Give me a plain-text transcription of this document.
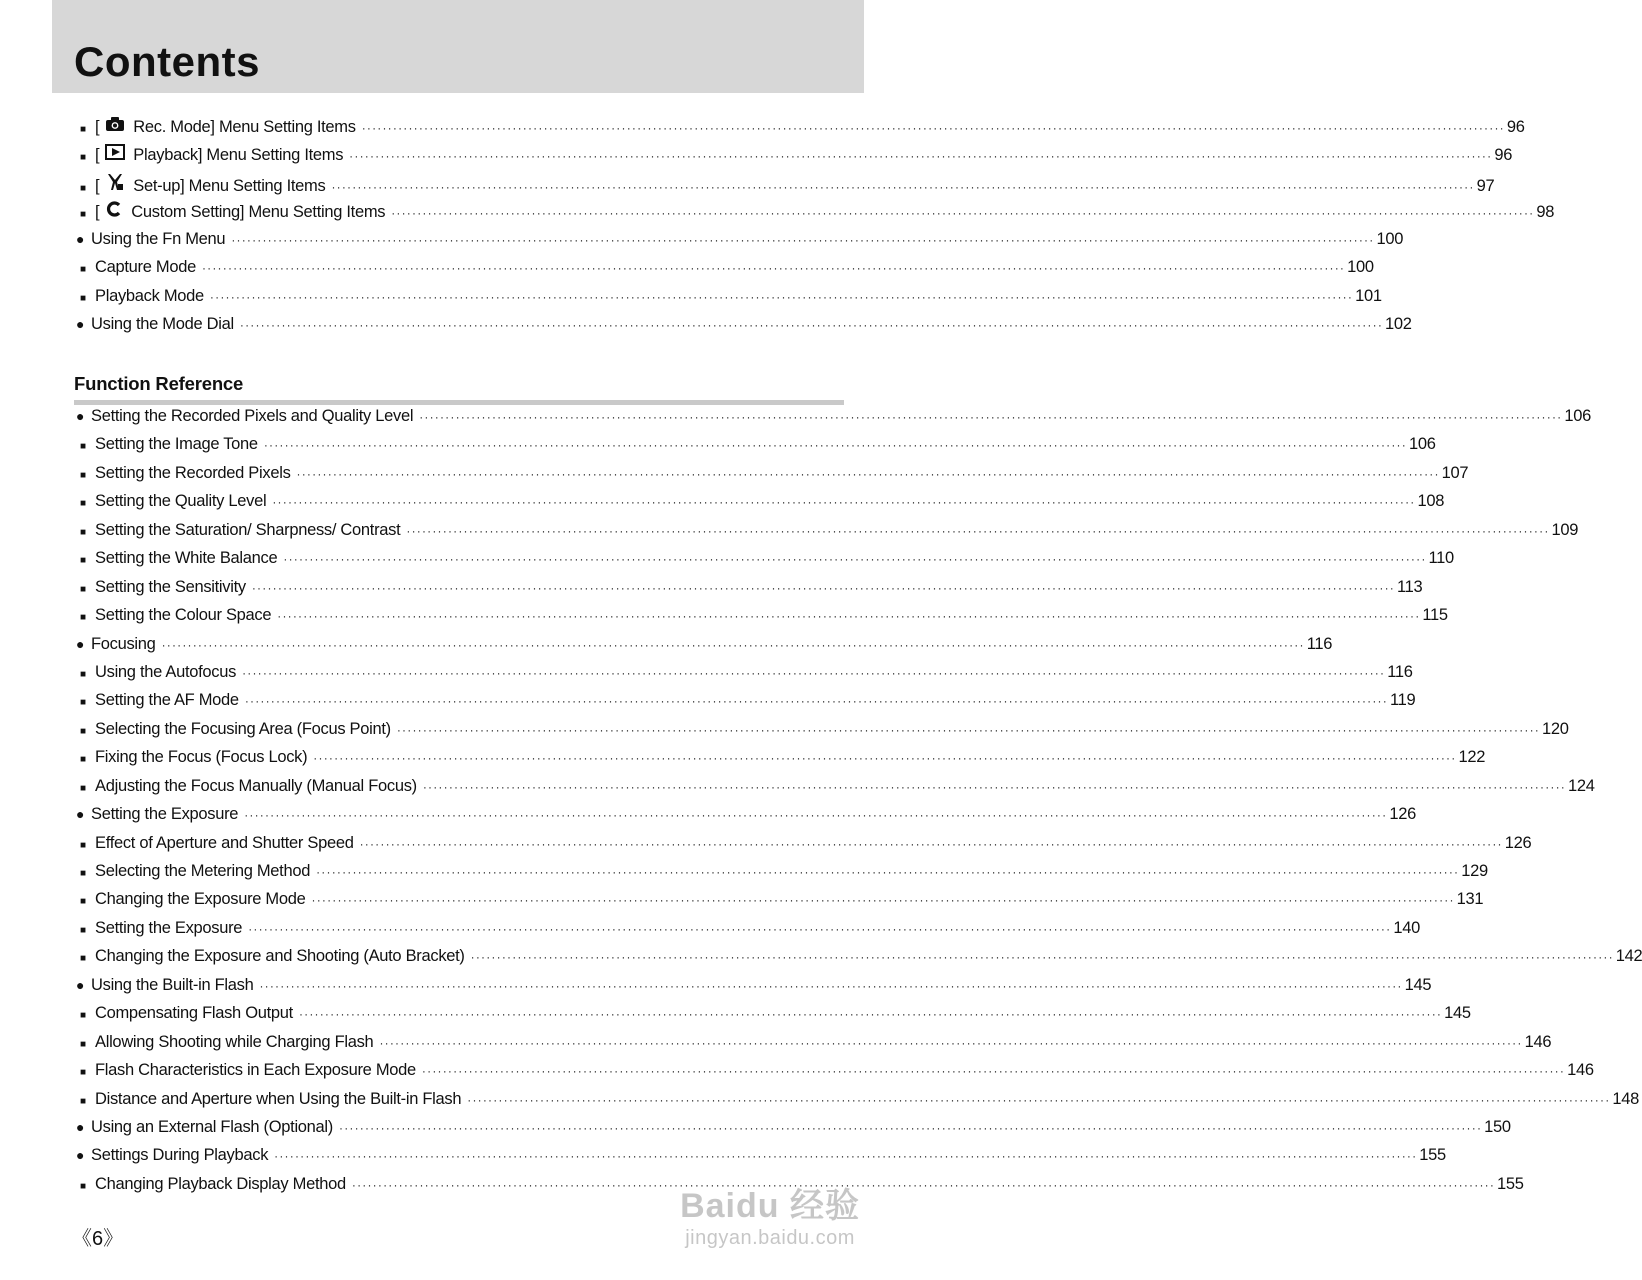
Contents
■ [ Rec. Mode] Menu Setting Items ···························································································································································································································· 96
■ [ Playback] Menu Setting Items ···························································································································································································································· 96
■ [ Set-up] Menu Setting Items ···························································································································································································································· 97
■ [ Custom Setting] Menu Setting Items ···························································································································································································································· 98
● Using the Fn Menu ···························································································································································································································· 100
■ Capture Mode ···························································································································································································································· 100
■ Playback Mode ···························································································································································································································· 101
● Using the Mode Dial ···························································································································································································································· 102
Function Reference
● Setting the Recorded Pixels and Quality Level ···························································································································································································································· 106
■ Setting the Image Tone ···························································································································································································································· 106
■ Setting the Recorded Pixels ···························································································································································································································· 107
■ Setting the Quality Level ···························································································································································································································· 108
■ Setting the Saturation/ Sharpness/ Contrast ···························································································································································································································· 109
■ Setting the White Balance ···························································································································································································································· 110
■ Setting the Sensitivity ···························································································································································································································· 113
■ Setting the Colour Space ···························································································································································································································· 115
● Focusing ···························································································································································································································· 116
■ Using the Autofocus ···························································································································································································································· 116
■ Setting the AF Mode ···························································································································································································································· 119
■ Selecting the Focusing Area (Focus Point) ···························································································································································································································· 120
■ Fixing the Focus (Focus Lock) ···························································································································································································································· 122
■ Adjusting the Focus Manually (Manual Focus) ···························································································································································································································· 124
● Setting the Exposure ···························································································································································································································· 126
■ Effect of Aperture and Shutter Speed ···························································································································································································································· 126
■ Selecting the Metering Method ···························································································································································································································· 129
■ Changing the Exposure Mode ···························································································································································································································· 131
■ Setting the Exposure ···························································································································································································································· 140
■ Changing the Exposure and Shooting (Auto Bracket) ···························································································································································································································· 142
● Using the Built-in Flash ···························································································································································································································· 145
■ Compensating Flash Output ···························································································································································································································· 145
■ Allowing Shooting while Charging Flash ···························································································································································································································· 146
■ Flash Characteristics in Each Exposure Mode ···························································································································································································································· 146
■ Distance and Aperture when Using the Built-in Flash ···························································································································································································································· 148
● Using an External Flash (Optional) ···························································································································································································································· 150
● Settings During Playback ···························································································································································································································· 155
■ Changing Playback Display Method ···························································································································································································································· 155
《6》
Baidu 经验
jingyan.baidu.com
